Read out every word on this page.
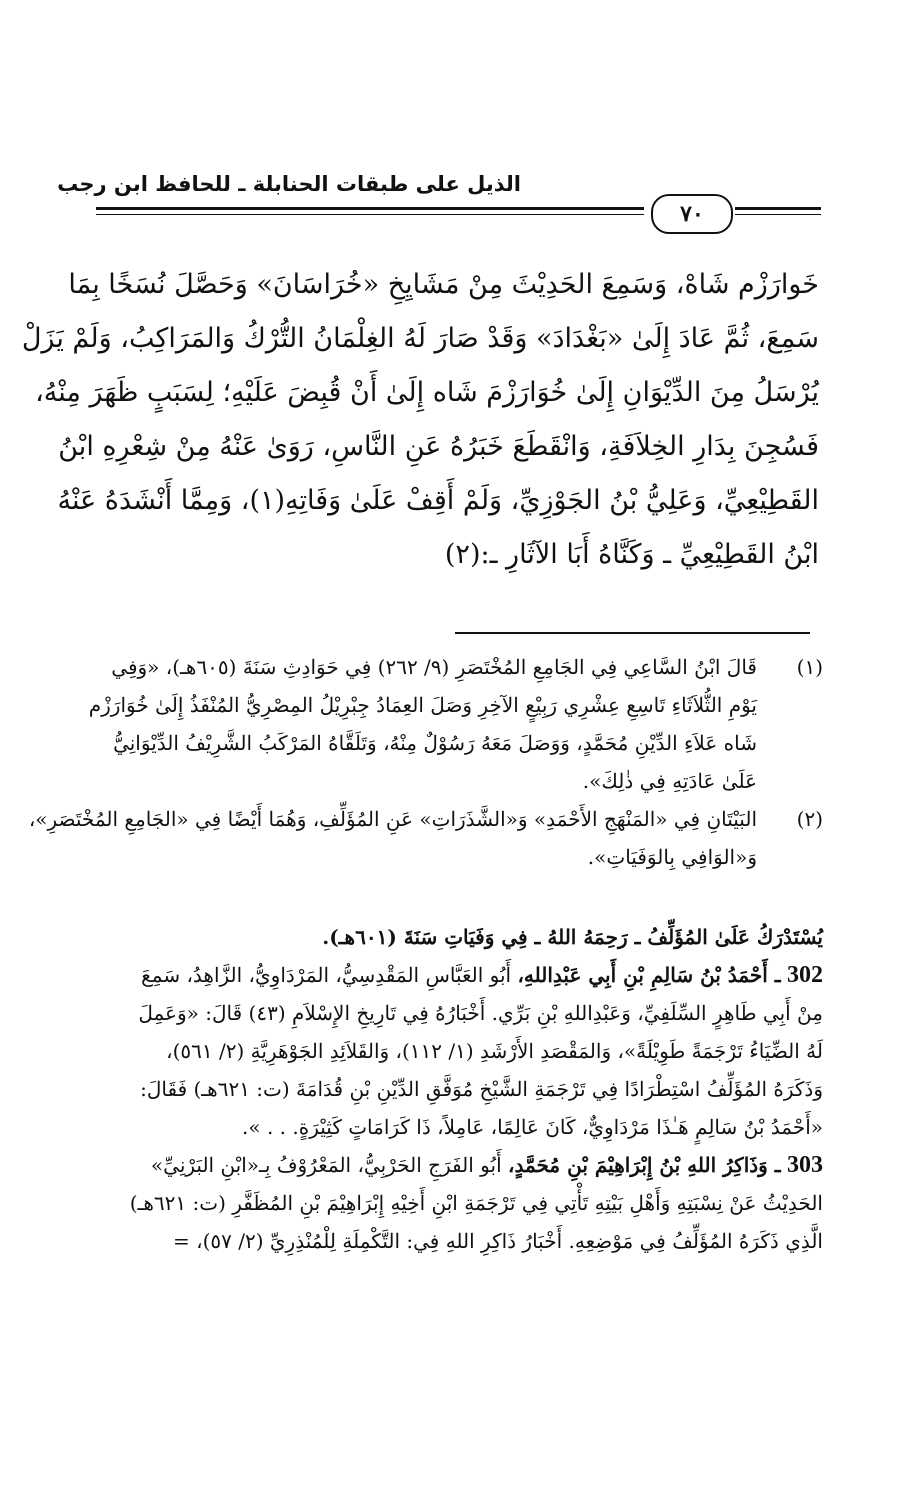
الذيل على طبقات الحنابلة ـ للحافظ ابن رجب
٧٠

خَوارَزْم شَاهْ، وَسَمِعَ الحَدِيْثَ مِنْ مَشَايِخِ «خُرَاسَانَ» وَحَصَّلَ نُسَخًا بِمَا

سَمِعَ، ثُمَّ عَادَ إِلَىٰ «بَغْدَادَ» وَقَدْ صَارَ لَهُ الغِلْمَانُ التُّرْكُ وَالمَرَاكِبُ، وَلَمْ يَزَلْ

يُرْسَلُ مِنَ الدِّيْوَانِ إِلَىٰ خُوَارَزْمَ شَاه إِلَىٰ أَنْ قُبِضَ عَلَيْهِ؛ لِسَبَبٍ ظَهَرَ مِنْهُ،

فَسُجِنَ بِدَارِ الخِلاَفَةِ، وَانْقَطَعَ خَبَرُهُ عَنِ النَّاسِ، رَوَىٰ عَنْهُ مِنْ شِعْرِهِ ابْنُ

القَطِيْعِيِّ، وَعَلِيُّ بْنُ الجَوْزِيِّ، وَلَمْ أَقِفْ عَلَىٰ وَفَاتِهِ(١)، وَمِمَّا أَنْشَدَهُ عَنْهُ

ابْنُ القَطِيْعِيِّ ـ وَكَنَّاهُ أَبَا الآثَارِ ـ:(٢)

(١)

قَالَ ابْنُ السَّاعِي فِي الجَامِعِ المُخْتَصَرِ (٩/ ٢٦٢) فِي حَوَادِثِ سَنَةَ (٦٠٥هـ)، «وَفِي

يَوْمِ الثُّلاَثَاءِ تَاسِعِ عِشْرِي رَبِيْعٍ الآخِرِ وَصَلَ العِمَادُ جِبْرِيْلُ المِصْرِيُّ المُنْفَذُ إِلَىٰ خُوَارَزْم

شَاه عَلاَءِ الدِّيْنِ مُحَمَّدٍ، وَوَصَلَ مَعَهُ رَسُوْلٌ مِنْهُ، وَتَلَقَّاهُ المَرْكَبُ الشَّرِيْفُ الدِّيْوَانِيُّ

عَلَىٰ عَادَتِهِ فِي ذٰلِكَ».

(٢)

البَيْتَانِ فِي «المَنْهَجِ الأَحْمَدِ» وَ«الشَّذَرَاتِ» عَنِ المُؤَلِّفِ، وَهُمَا أَيْضًا فِي «الجَامِعِ المُخْتَصَرِ»،

وَ«الوَافِي بِالوَفَيَاتِ».

يُسْتَدْرَكُ عَلَىٰ المُؤَلِّفُ ـ رَحِمَهُ اللهُ ـ فِي وَفَيَاتِ سَنَةَ (٦٠١هـ).

302 ـ أَحْمَدُ بْنُ سَالِمِ بْنِ أَبِي عَبْدِاللهِ، أَبُو العَبَّاسِ المَقْدِسِيُّ، المَرْدَاوِيُّ، الزَّاهِدُ، سَمِعَ

مِنْ أَبِي طَاهِرٍ السِّلَفِيِّ، وَعَبْدِاللهِ بْنِ بَرِّي. أَخْبَارُهُ فِي تَارِيخِ الإِسْلاَمِ (٤٣) قَالَ: «وَعَمِلَ

لَهُ الضِّيَاءُ تَرْجَمَةً طَوِيْلَةً»، وَالمَقْصَدِ الأَرْشَدِ (١/ ١١٢)، وَالقَلاَئِدِ الجَوْهَرِيَّةِ (٢/ ٥٦١)،

وَذَكَرَهُ المُؤَلِّفُ اسْتِطْرَادًا فِي تَرْجَمَةِ الشَّيْخِ مُوَفَّقِ الدِّيْنِ بْنِ قُدَامَةَ (ت: ٦٢١هـ) فَقَالَ:

«أَحْمَدُ بْنُ سَالِمٍ هَـٰذَا مَرْدَاوِيٌّ، كَانَ عَالِمًا، عَامِلاً، ذَا كَرَامَاتٍ كَثِيْرَةٍ. . . ».

303 ـ وَذَاكِرُ اللهِ بْنُ إِبْرَاهِيْمَ بْنِ مُحَمَّدٍ، أَبُو الفَرَجِ الحَرْبِيُّ، المَعْرُوْفُ بِـ«ابْنِ البَرْنِيِّ»

الحَدِيْثُ عَنْ نِسْبَتِهِ وَأَهْلِ بَيْتِهِ تَأْتِي فِي تَرْجَمَةِ ابْنِ أَخِيْهِ إِبْرَاهِيْمَ بْنِ المُظَفَّرِ (ت: ٦٢١هـ)

الَّذِي ذَكَرَهُ المُؤَلِّفُ فِي مَوْضِعِهِ. أَخْبَارُ ذَاكِرِ اللهِ فِي: التَّكْمِلَةِ لِلْمُنْذِرِيِّ (٢/ ٥٧)، =
